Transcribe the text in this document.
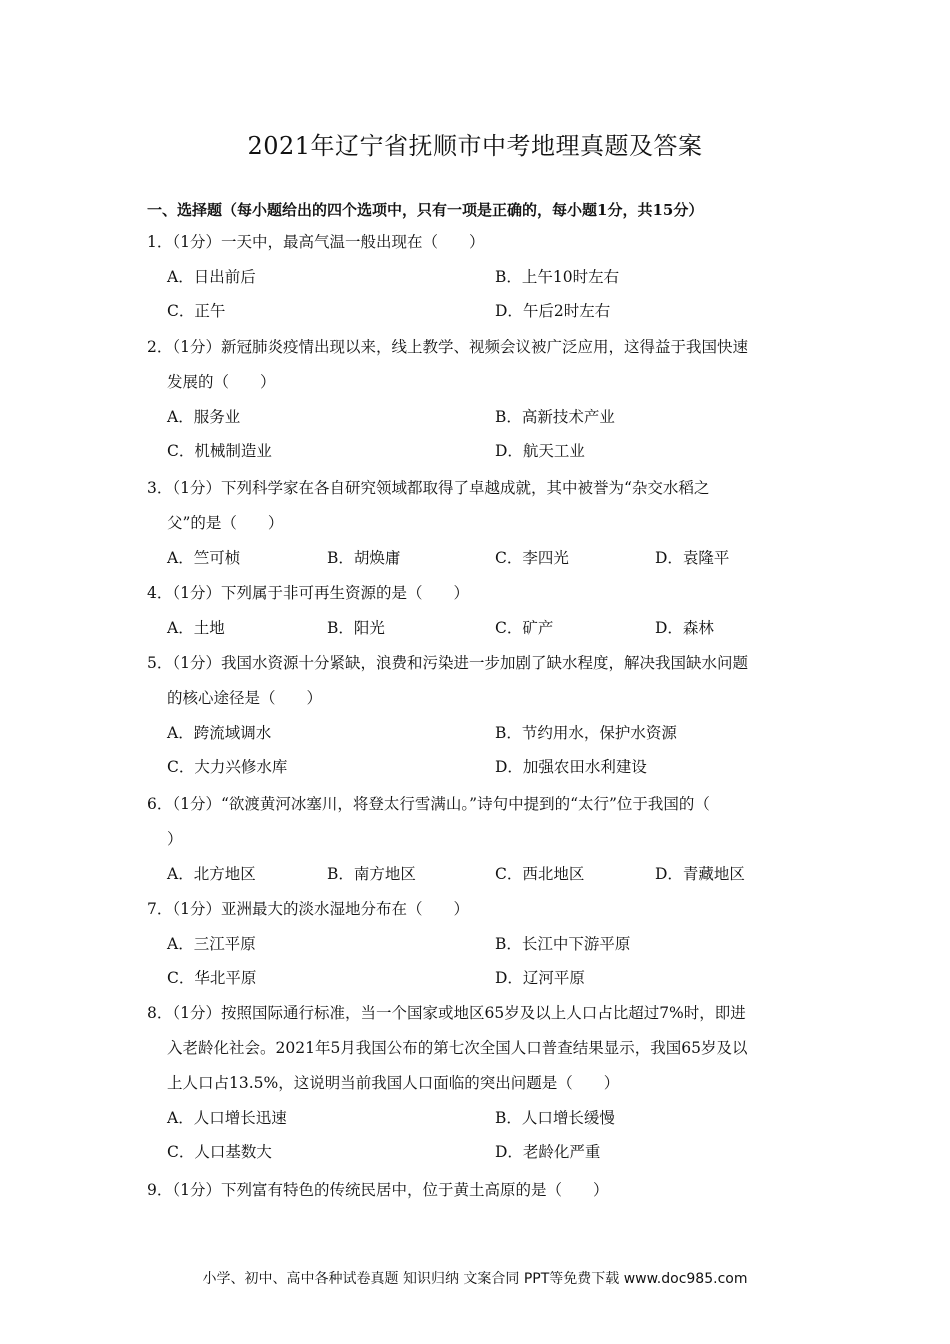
2021年辽宁省抚顺市中考地理真题及答案
一、选择题（每小题给出的四个选项中，只有一项是正确的，每小题1分，共15分）
1．（1分）一天中，最高气温一般出现在（　　）
A．日出前后	B．上午10时左右
C．正午	D．午后2时左右
2．（1分）新冠肺炎疫情出现以来，线上教学、视频会议被广泛应用，这得益于我国快速
发展的（　　）
A．服务业	B．高新技术产业
C．机械制造业	D．航天工业
3．（1分）下列科学家在各自研究领域都取得了卓越成就，其中被誉为“杂交水稻之
父”的是（　　）
A．竺可桢	B．胡焕庸	C．李四光	D．袁隆平
4．（1分）下列属于非可再生资源的是（　　）
A．土地	B．阳光	C．矿产	D．森林
5．（1分）我国水资源十分紧缺，浪费和污染进一步加剧了缺水程度，解决我国缺水问题
的核心途径是（　　）
A．跨流域调水	B．节约用水，保护水资源
C．大力兴修水库	D．加强农田水利建设
6．（1分）“欲渡黄河冰塞川，将登太行雪满山。”诗句中提到的“太行”位于我国的（
）
A．北方地区	B．南方地区	C．西北地区	D．青藏地区
7．（1分）亚洲最大的淡水湿地分布在（　　）
A．三江平原	B．长江中下游平原
C．华北平原	D．辽河平原
8．（1分）按照国际通行标准，当一个国家或地区65岁及以上人口占比超过7%时，即进
入老龄化社会。2021年5月我国公布的第七次全国人口普查结果显示，我国65岁及以
上人口占13.5%，这说明当前我国人口面临的突出问题是（　　）
A．人口增长迅速	B．人口增长缓慢
C．人口基数大	D．老龄化严重
9．（1分）下列富有特色的传统民居中，位于黄土高原的是（　　）
小学、初中、高中各种试卷真题 知识归纳 文案合同 PPT等免费下载 www.doc985.com
